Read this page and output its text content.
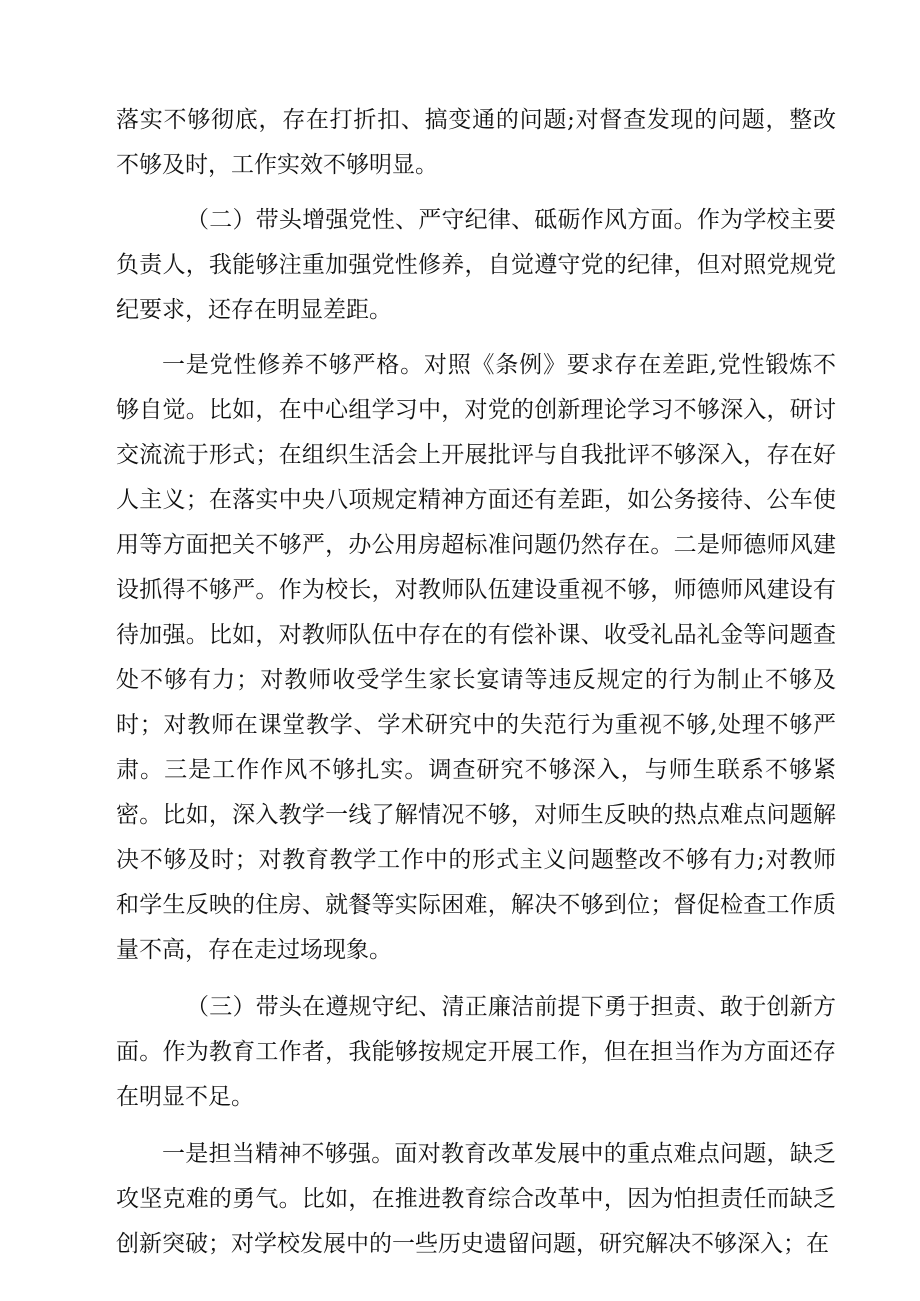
落实不够彻底，存在打折扣、搞变通的问题;对督查发现的问题，整改不够及时，工作实效不够明显。

（二）带头增强党性、严守纪律、砥砺作风方面。作为学校主要负责人，我能够注重加强党性修养，自觉遵守党的纪律，但对照党规党纪要求，还存在明显差距。

一是党性修养不够严格。对照《条例》要求存在差距,党性锻炼不够自觉。比如，在中心组学习中，对党的创新理论学习不够深入，研讨交流流于形式；在组织生活会上开展批评与自我批评不够深入，存在好人主义；在落实中央八项规定精神方面还有差距，如公务接待、公车使用等方面把关不够严，办公用房超标准问题仍然存在。二是师德师风建设抓得不够严。作为校长，对教师队伍建设重视不够，师德师风建设有待加强。比如，对教师队伍中存在的有偿补课、收受礼品礼金等问题查处不够有力；对教师收受学生家长宴请等违反规定的行为制止不够及时；对教师在课堂教学、学术研究中的失范行为重视不够,处理不够严肃。三是工作作风不够扎实。调查研究不够深入，与师生联系不够紧密。比如，深入教学一线了解情况不够，对师生反映的热点难点问题解决不够及时；对教育教学工作中的形式主义问题整改不够有力;对教师和学生反映的住房、就餐等实际困难，解决不够到位；督促检查工作质量不高，存在走过场现象。

（三）带头在遵规守纪、清正廉洁前提下勇于担责、敢于创新方面。作为教育工作者，我能够按规定开展工作，但在担当作为方面还存在明显不足。

一是担当精神不够强。面对教育改革发展中的重点难点问题，缺乏攻坚克难的勇气。比如，在推进教育综合改革中，因为怕担责任而缺乏创新突破；对学校发展中的一些历史遗留问题，研究解决不够深入；在
